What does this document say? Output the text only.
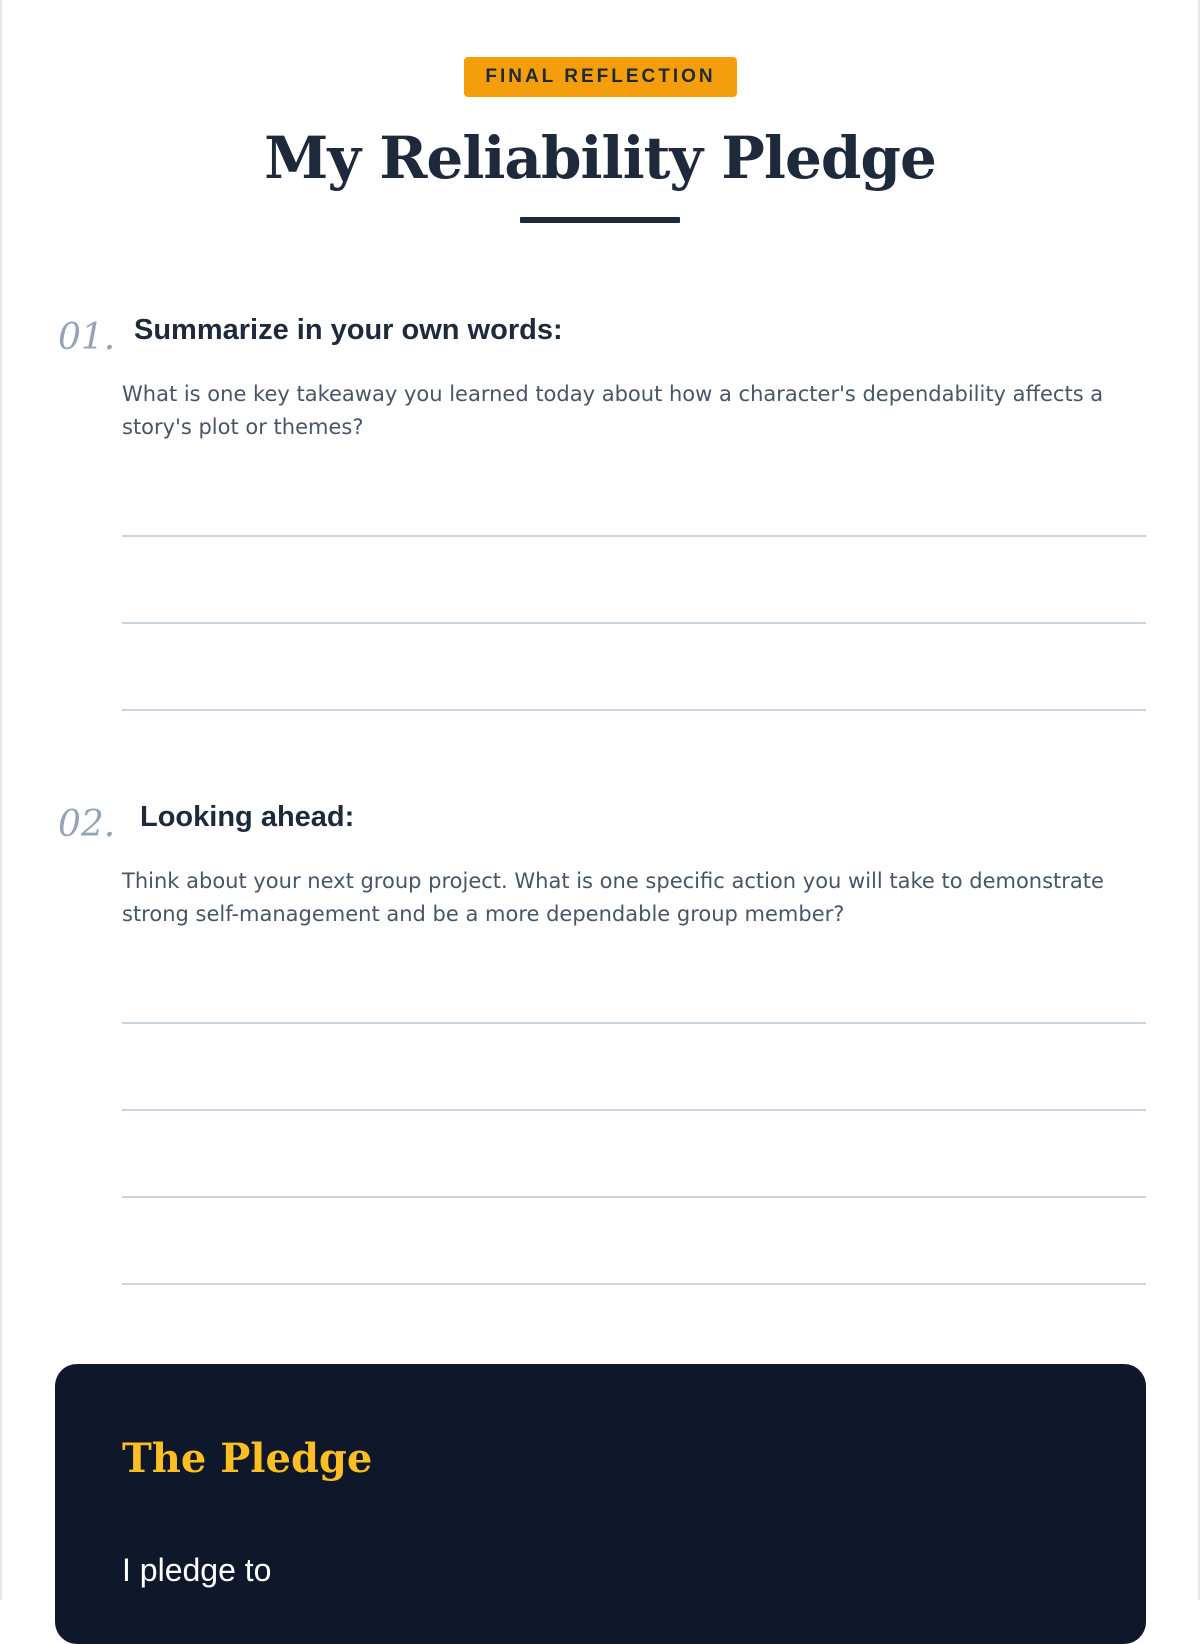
FINAL REFLECTION
My Reliability Pledge
01. Summarize in your own words:
What is one key takeaway you learned today about how a character's dependability affects a story's plot or themes?
02. Looking ahead:
Think about your next group project. What is one specific action you will take to demonstrate strong self-management and be a more dependable group member?
The Pledge
I pledge to
